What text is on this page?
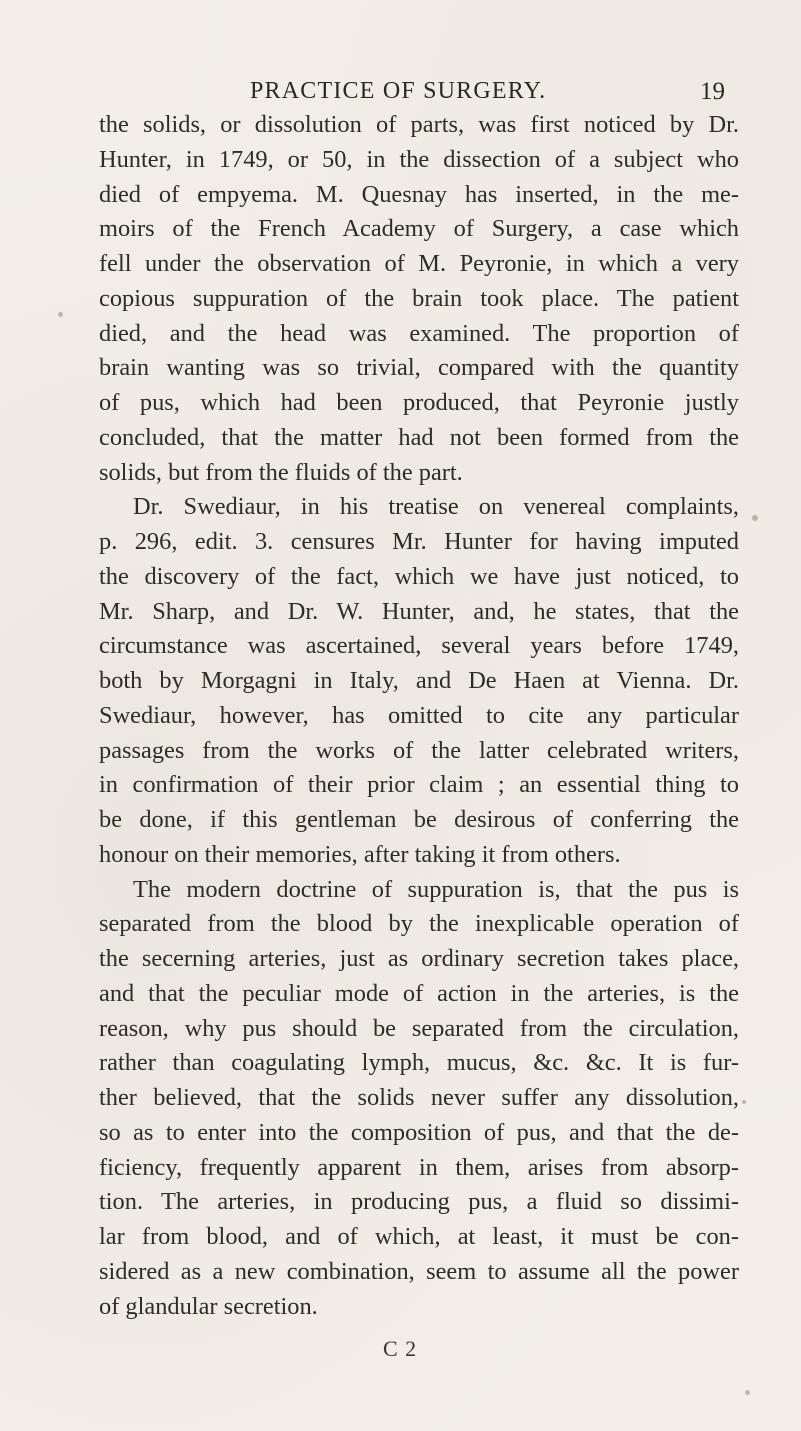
PRACTICE OF SURGERY.	19
the solids, or dissolution of parts, was first noticed by Dr.
Hunter, in 1749, or 50, in the dissection of a subject who
died of empyema. M. Quesnay has inserted, in the me-
moirs of the French Academy of Surgery, a case which
fell under the observation of M. Peyronie, in which a very
copious suppuration of the brain took place. The patient
died, and the head was examined. The proportion of
brain wanting was so trivial, compared with the quantity
of pus, which had been produced, that Peyronie justly
concluded, that the matter had not been formed from the
solids, but from the fluids of the part.
Dr. Swediaur, in his treatise on venereal complaints,
p. 296, edit. 3. censures Mr. Hunter for having imputed
the discovery of the fact, which we have just noticed, to
Mr. Sharp, and Dr. W. Hunter, and, he states, that the
circumstance was ascertained, several years before 1749,
both by Morgagni in Italy, and De Haen at Vienna. Dr.
Swediaur, however, has omitted to cite any particular
passages from the works of the latter celebrated writers,
in confirmation of their prior claim ; an essential thing to
be done, if this gentleman be desirous of conferring the
honour on their memories, after taking it from others.
The modern doctrine of suppuration is, that the pus is
separated from the blood by the inexplicable operation of
the secerning arteries, just as ordinary secretion takes place,
and that the peculiar mode of action in the arteries, is the
reason, why pus should be separated from the circulation,
rather than coagulating lymph, mucus, &c. &c. It is fur-
ther believed, that the solids never suffer any dissolution,
so as to enter into the composition of pus, and that the de-
ficiency, frequently apparent in them, arises from absorp-
tion. The arteries, in producing pus, a fluid so dissimi-
lar from blood, and of which, at least, it must be con-
sidered as a new combination, seem to assume all the power
of glandular secretion.
C 2
